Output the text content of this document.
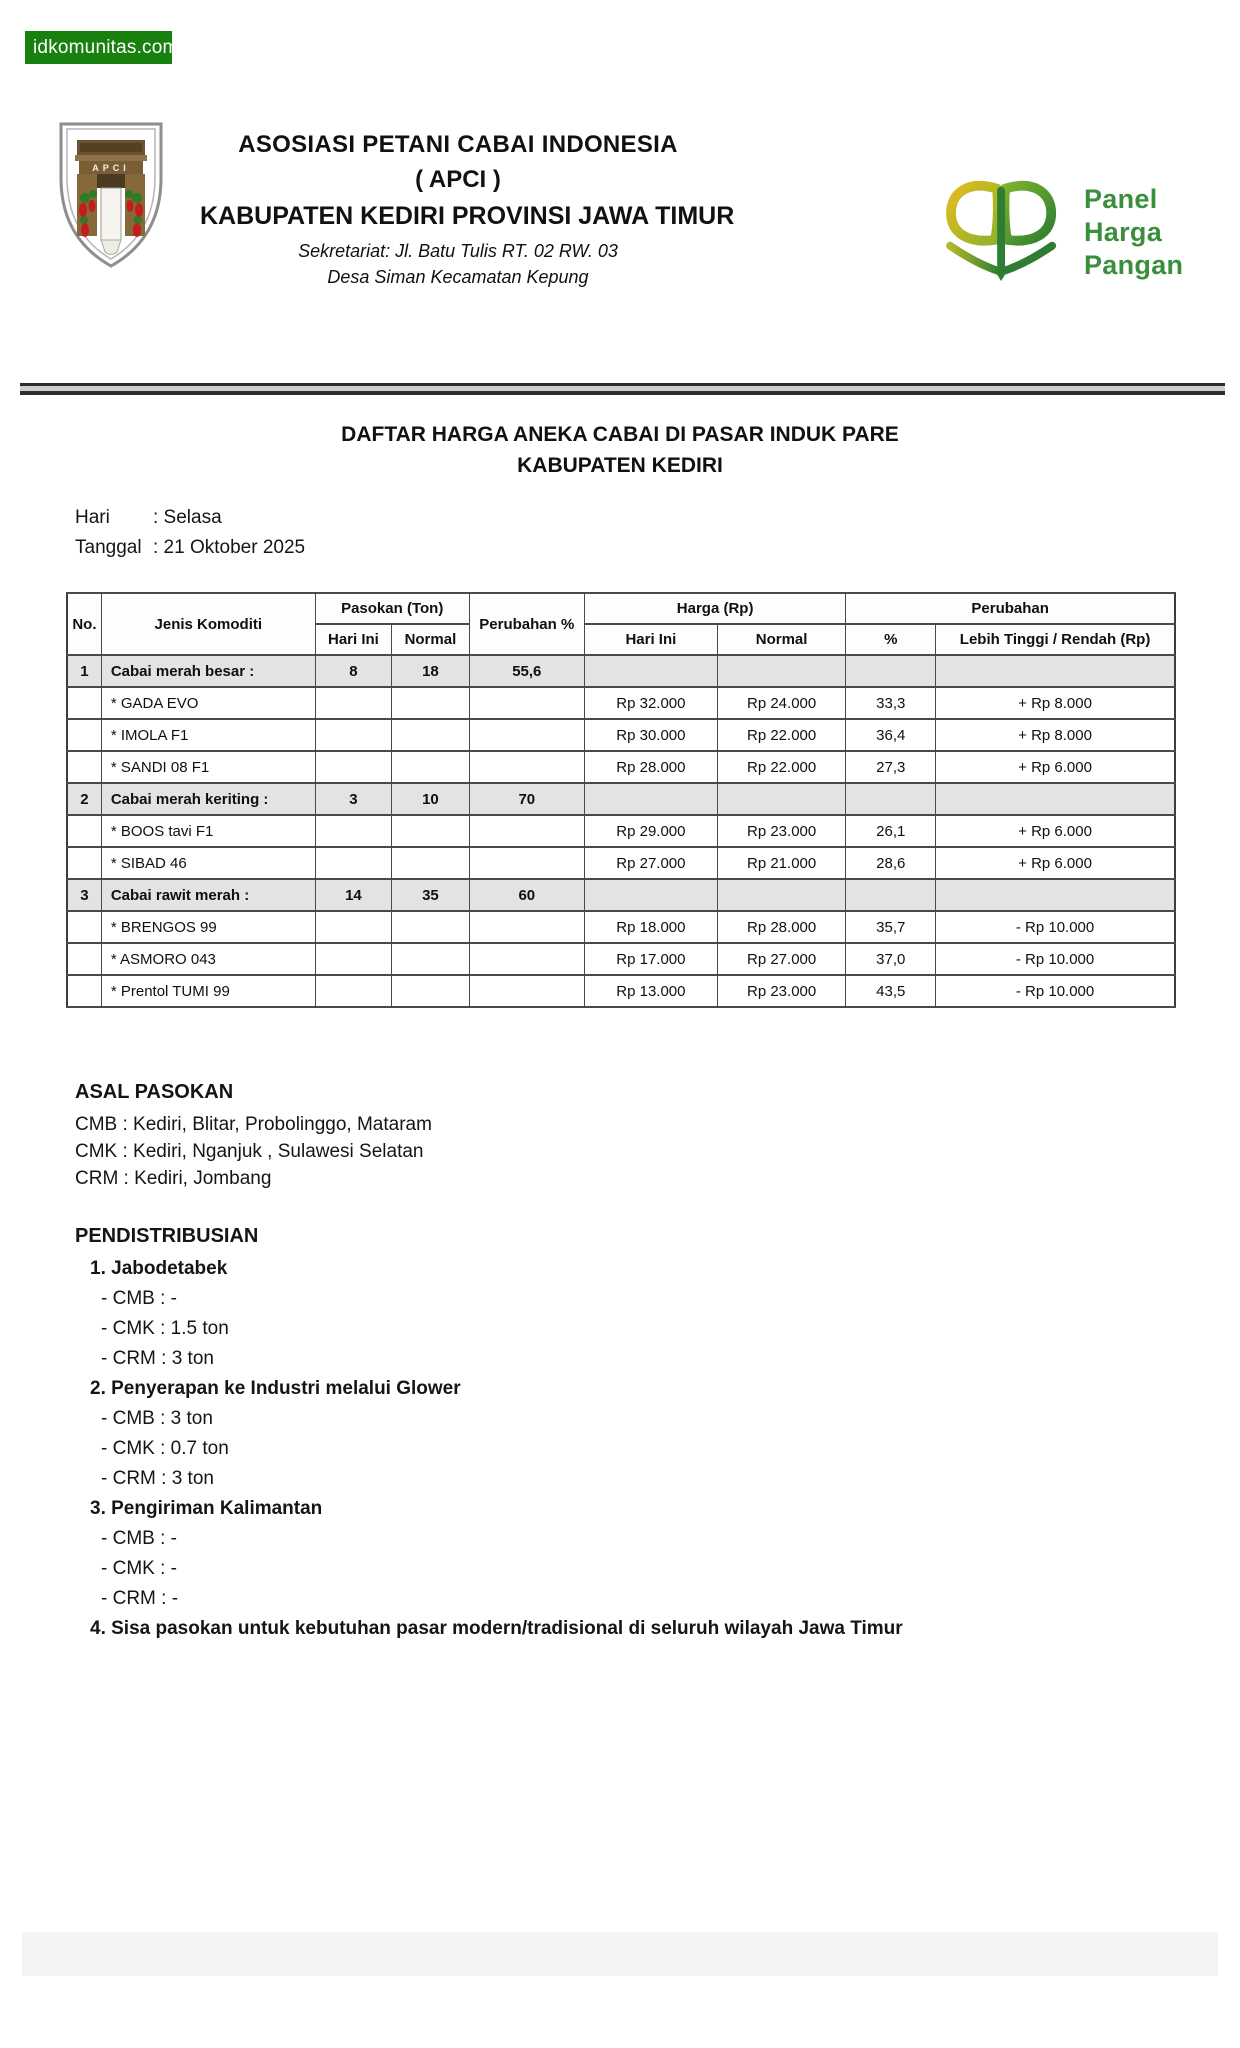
idkomunitas.com
APCI
ASOSIASI PETANI CABAI INDONESIA
( APCI )
KABUPATEN KEDIRI PROVINSI JAWA TIMUR
Sekretariat: Jl. Batu Tulis RT. 02 RW. 03
Desa Siman Kecamatan Kepung
Panel
Harga
Pangan
DAFTAR HARGA ANEKA CABAI DI PASAR INDUK PARE
KABUPATEN KEDIRI
Hari	: Selasa
Tanggal : 21 Oktober 2025
No.	Jenis Komoditi	Pasokan (Ton)		Perubahan %	Harga (Rp)		Perubahan	
		Hari Ini	Normal		Hari Ini	Normal	%	Lebih Tinggi / Rendah (Rp)
1	Cabai merah besar :	8	18	55,6				
	* GADA EVO				Rp 32.000	Rp 24.000	33,3	+ Rp 8.000
	* IMOLA F1				Rp 30.000	Rp 22.000	36,4	+ Rp 8.000
	* SANDI 08 F1				Rp 28.000	Rp 22.000	27,3	+ Rp 6.000
2	Cabai merah keriting :	3	10	70				
	* BOOS tavi F1				Rp 29.000	Rp 23.000	26,1	+ Rp 6.000
	* SIBAD 46				Rp 27.000	Rp 21.000	28,6	+ Rp 6.000
3	Cabai rawit merah :	14	35	60				
	* BRENGOS 99				Rp 18.000	Rp 28.000	35,7	- Rp 10.000
	* ASMORO 043				Rp 17.000	Rp 27.000	37,0	- Rp 10.000
	* Prentol TUMI 99				Rp 13.000	Rp 23.000	43,5	- Rp 10.000
ASAL PASOKAN
CMB : Kediri, Blitar, Probolinggo, Mataram
CMK : Kediri, Nganjuk , Sulawesi Selatan
CRM : Kediri, Jombang
PENDISTRIBUSIAN
1. Jabodetabek
- CMB : -
- CMK : 1.5 ton
- CRM : 3 ton
2. Penyerapan ke Industri melalui Glower
- CMB : 3 ton
- CMK : 0.7 ton
- CRM : 3 ton
3. Pengiriman Kalimantan
- CMB : -
- CMK : -
- CRM : -
4. Sisa pasokan untuk kebutuhan pasar modern/tradisional di seluruh wilayah Jawa Timur
